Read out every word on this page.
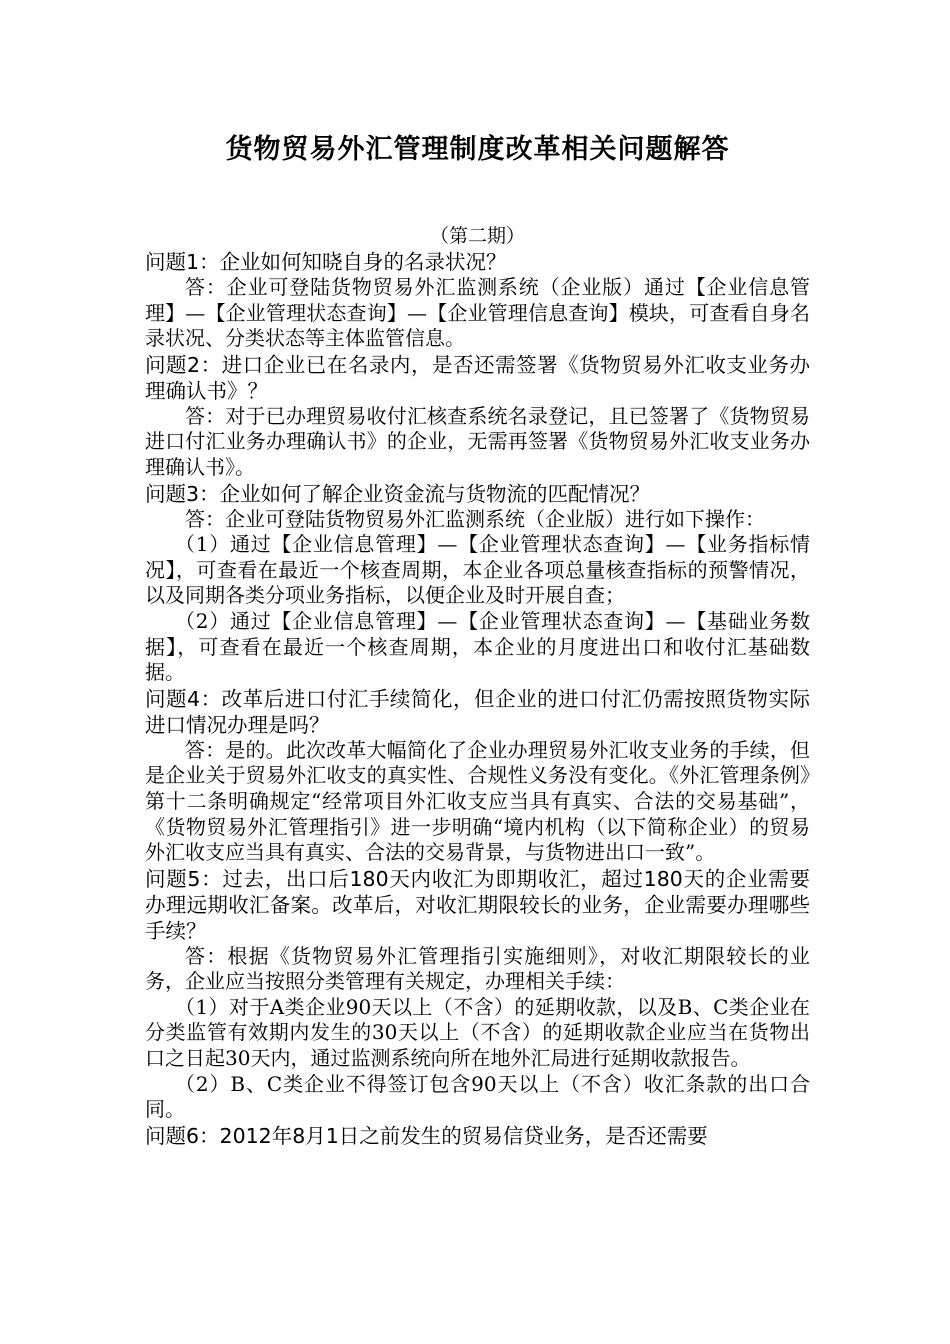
货物贸易外汇管理制度改革相关问题解答
（第二期）

问题1：企业如何知晓自身的名录状况？

答：企业可登陆货物贸易外汇监测系统（企业版）通过【企业信息管理】—【企业管理状态查询】—【企业管理信息查询】模块，可查看自身名录状况、分类状态等主体监管信息。

问题2：进口企业已在名录内，是否还需签署《货物贸易外汇收支业务办理确认书》？

答：对于已办理贸易收付汇核查系统名录登记，且已签署了《货物贸易进口付汇业务办理确认书》的企业，无需再签署《货物贸易外汇收支业务办理确认书》。

问题3：企业如何了解企业资金流与货物流的匹配情况？

答：企业可登陆货物贸易外汇监测系统（企业版）进行如下操作：

（1）通过【企业信息管理】—【企业管理状态查询】—【业务指标情况】，可查看在最近一个核查周期，本企业各项总量核查指标的预警情况，以及同期各类分项业务指标，以便企业及时开展自查；

（2）通过【企业信息管理】—【企业管理状态查询】—【基础业务数据】，可查看在最近一个核查周期，本企业的月度进出口和收付汇基础数据。

问题4：改革后进口付汇手续简化，但企业的进口付汇仍需按照货物实际进口情况办理是吗？

答：是的。此次改革大幅简化了企业办理贸易外汇收支业务的手续，但是企业关于贸易外汇收支的真实性、合规性义务没有变化。《外汇管理条例》第十二条明确规定“经常项目外汇收支应当具有真实、合法的交易基础”，《货物贸易外汇管理指引》进一步明确“境内机构（以下简称企业）的贸易外汇收支应当具有真实、合法的交易背景，与货物进出口一致”。

问题5：过去，出口后180天内收汇为即期收汇，超过180天的企业需要办理远期收汇备案。改革后，对收汇期限较长的业务，企业需要办理哪些手续？

答：根据《货物贸易外汇管理指引实施细则》，对收汇期限较长的业务，企业应当按照分类管理有关规定，办理相关手续：

（1）对于A类企业90天以上（不含）的延期收款，以及B、C类企业在分类监管有效期内发生的30天以上（不含）的延期收款企业应当在货物出口之日起30天内，通过监测系统向所在地外汇局进行延期收款报告。

（2）B、C类企业不得签订包含90天以上（不含）收汇条款的出口合同。

问题6：2012年8月1日之前发生的贸易信贷业务，是否还需要
